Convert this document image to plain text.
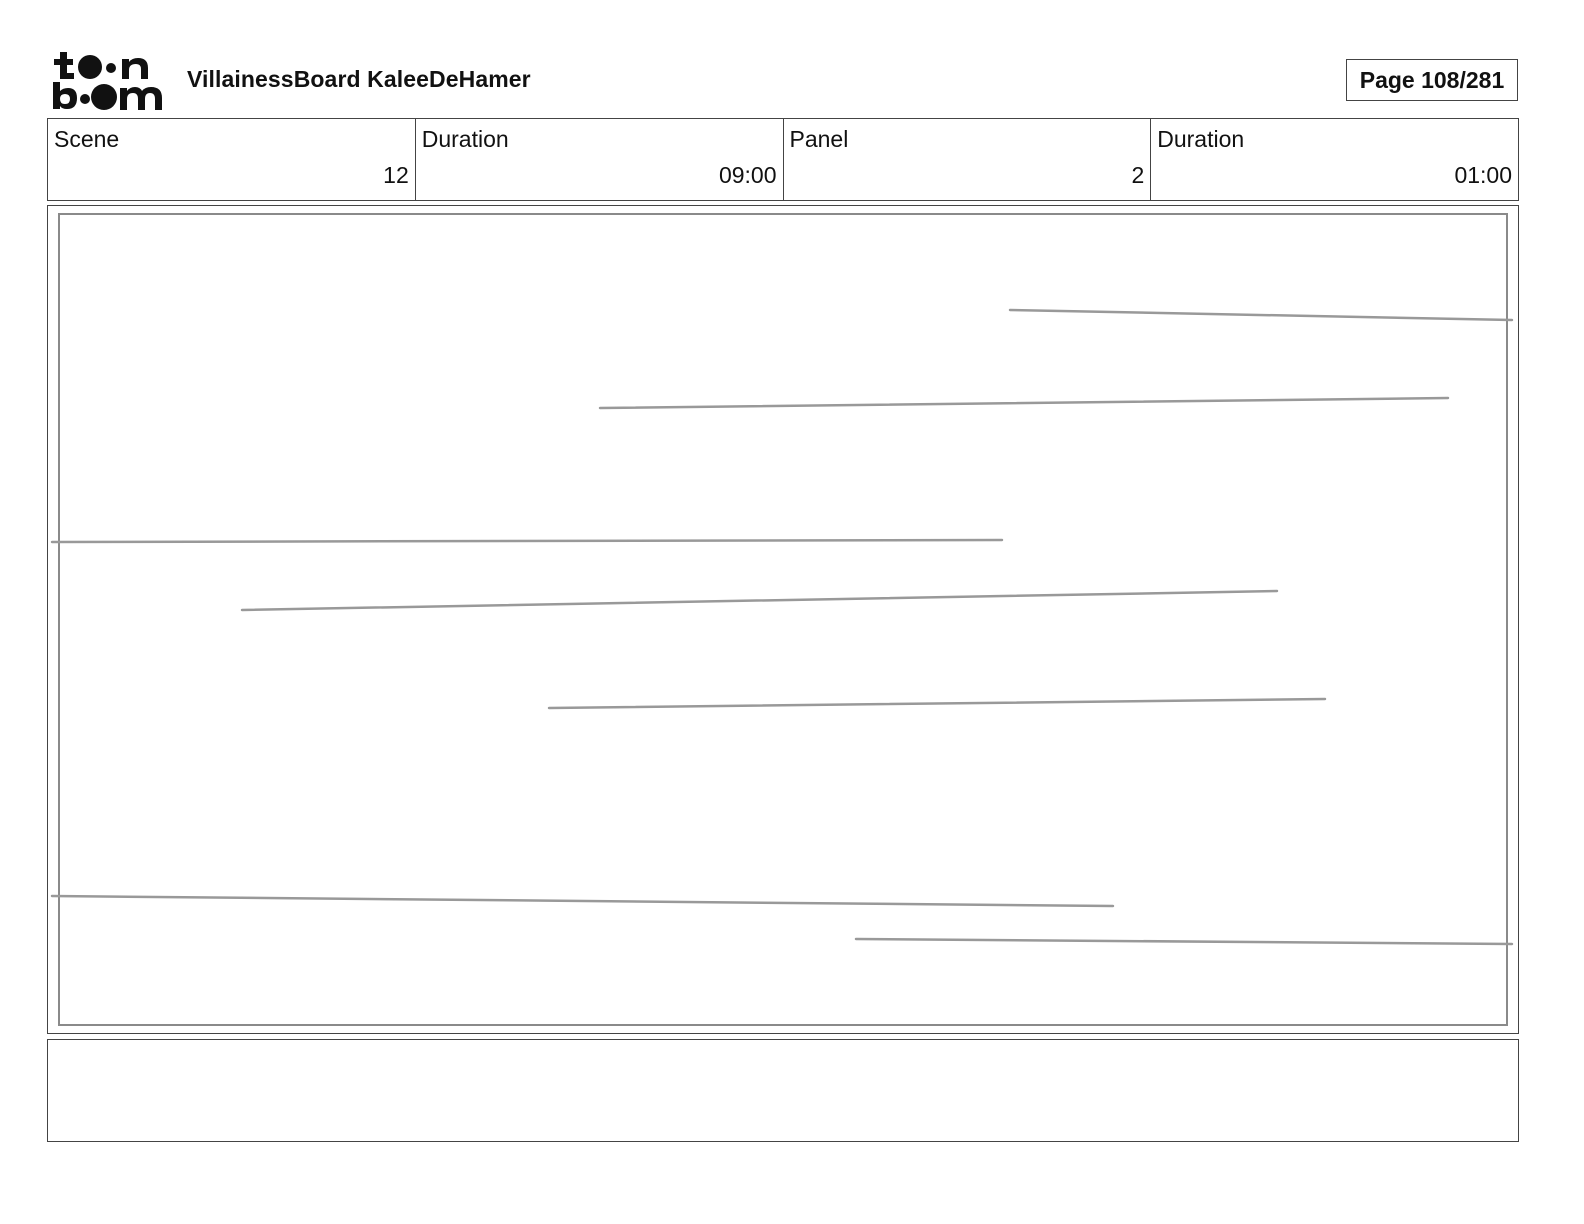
VillainessBoard KaleeDeHamer	Page 108/281
Scene
12
Duration
09:00
Panel
2
Duration
01:00
